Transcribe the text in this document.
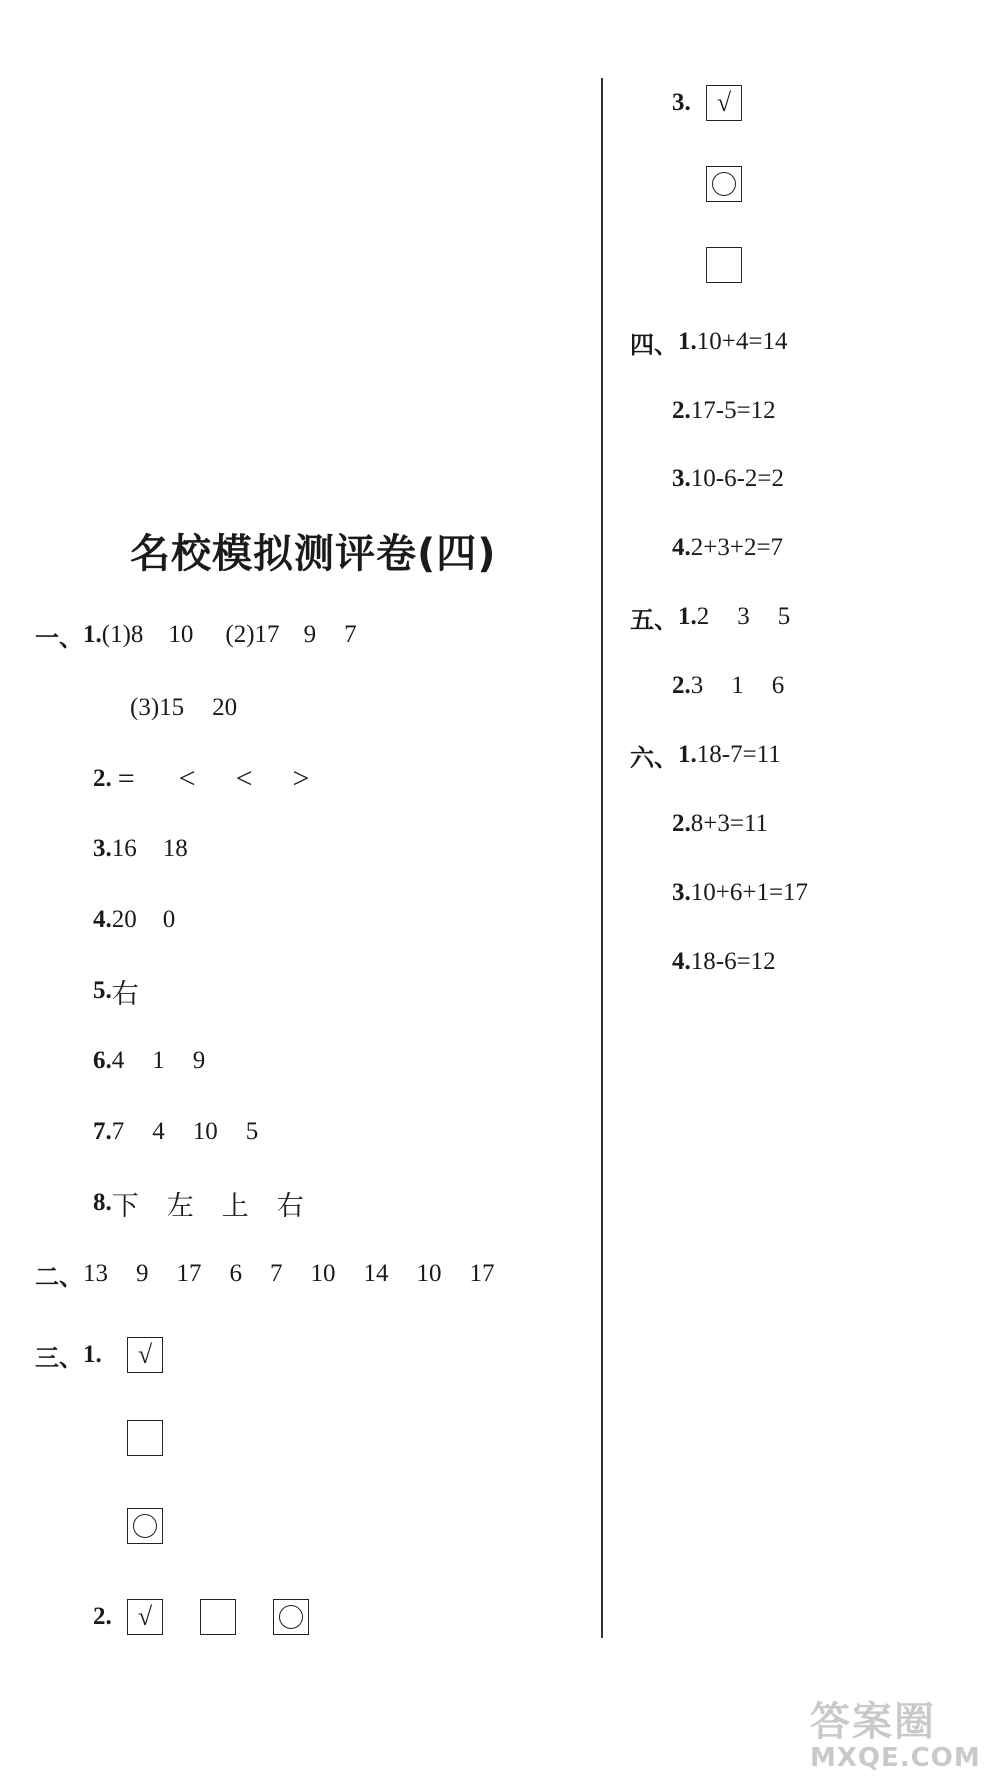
名校模拟测评卷(四)
一、 1. (1)8 10 (2)17 9 7
(3)15 20
2. = < < >
3. 16 18
4. 20 0
5. 右
6. 4 1 9
7. 7 4 10 5
8. 下 左 上 右
二、 13 9 17 6 7 10 14 10 17
三、 1. √
2. √
3. √
四、 1. 10+4=14
2. 17-5=12
3. 10-6-2=2
4. 2+3+2=7
五、 1. 2 3 5
2. 3 1 6
六、 1. 18-7=11
2. 8+3=11
3. 10+6+1=17
4. 18-6=12
答案圈
MXQE.COM
